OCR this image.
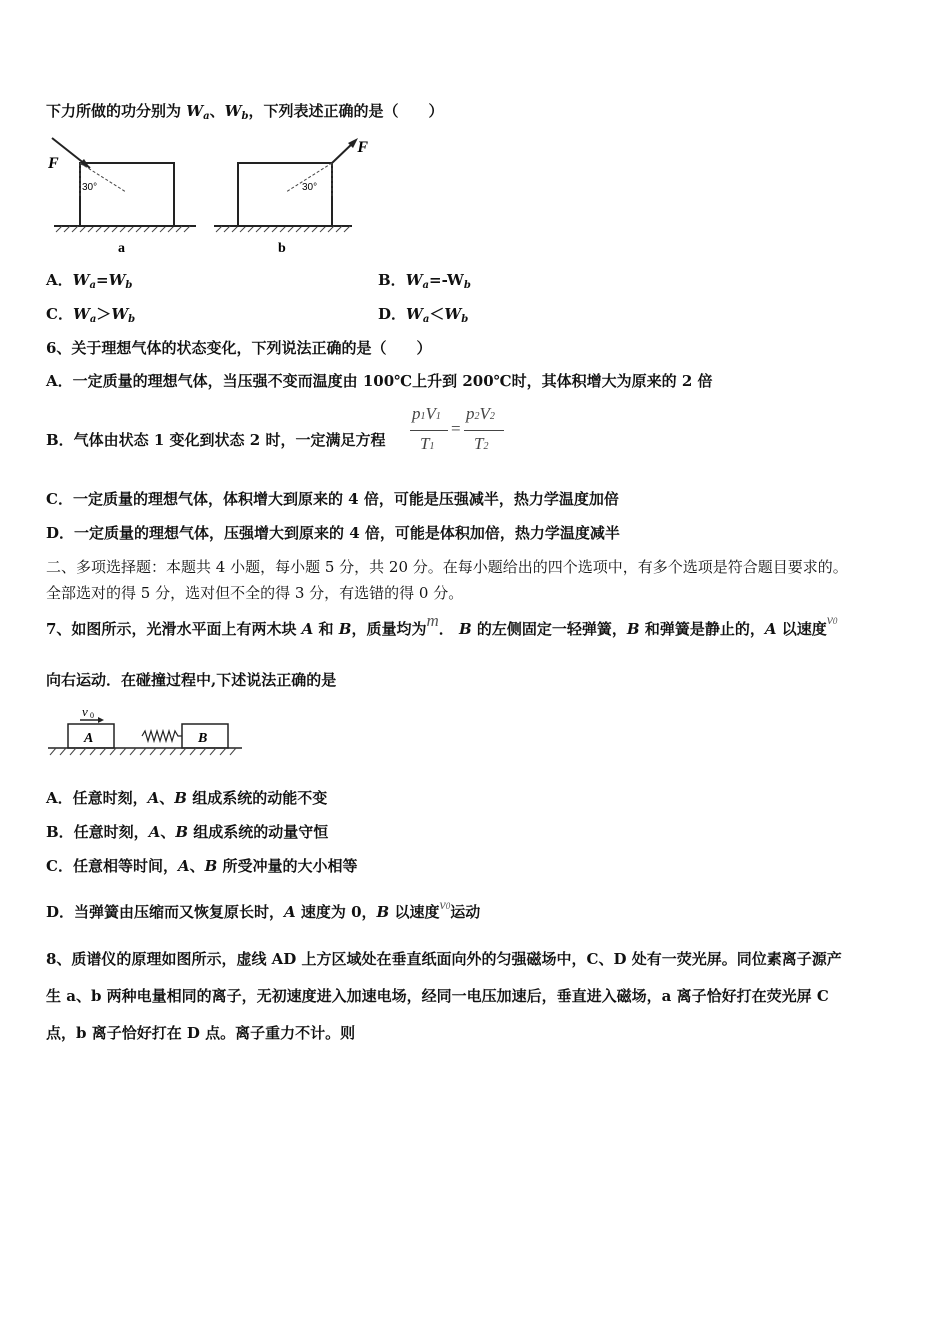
下力所做的功分别为 $W_a$、$W_b$，下列表述正确的是（　　）
F
30°
a
F
30°
b
A．$W_a=W_b$	B．$W_a=-W_b$
C．$W_a>W_b$	D．$W_a<W_b$
6、关于理想气体的状态变化，下列说法正确的是（　　）
A．一定质量的理想气体，当压强不变而温度由 100℃上升到 200℃时，其体积增大为原来的 2 倍
B．气体由状态 1 变化到状态 2 时，一定满足方程
p1V1
T1
=
p2V2
T2
C．一定质量的理想气体，体积增大到原来的 4 倍，可能是压强减半，热力学温度加倍
D．一定质量的理想气体，压强增大到原来的 4 倍，可能是体积加倍，热力学温度减半
二、多项选择题：本题共 4 小题，每小题 5 分，共 20 分。在每小题给出的四个选项中，有多个选项是符合题目要求的。
全部选对的得 5 分，选对但不全的得 3 分，有选错的得 0 分。
7、如图所示，光滑水平面上有两木块 A 和 B，质量均为m． B 的左侧固定一轻弹簧，B 和弹簧是静止的，A 以速度v0
向右运动．在碰撞过程中,下述说法正确的是
v 0
A	B
A．任意时刻，A、B 组成系统的动能不变
B．任意时刻，A、B 组成系统的动量守恒
C．任意相等时间，A、B 所受冲量的大小相等
D．当弹簧由压缩而又恢复原长时，A 速度为 0，B 以速度v0运动
8、质谱仪的原理如图所示，虚线 AD 上方区域处在垂直纸面向外的匀强磁场中，C、D 处有一荧光屏。同位素离子源产
生 a、b 两种电量相同的离子，无初速度进入加速电场，经同一电压加速后，垂直进入磁场，a 离子恰好打在荧光屏 C
点，b 离子恰好打在 D 点。离子重力不计。则
